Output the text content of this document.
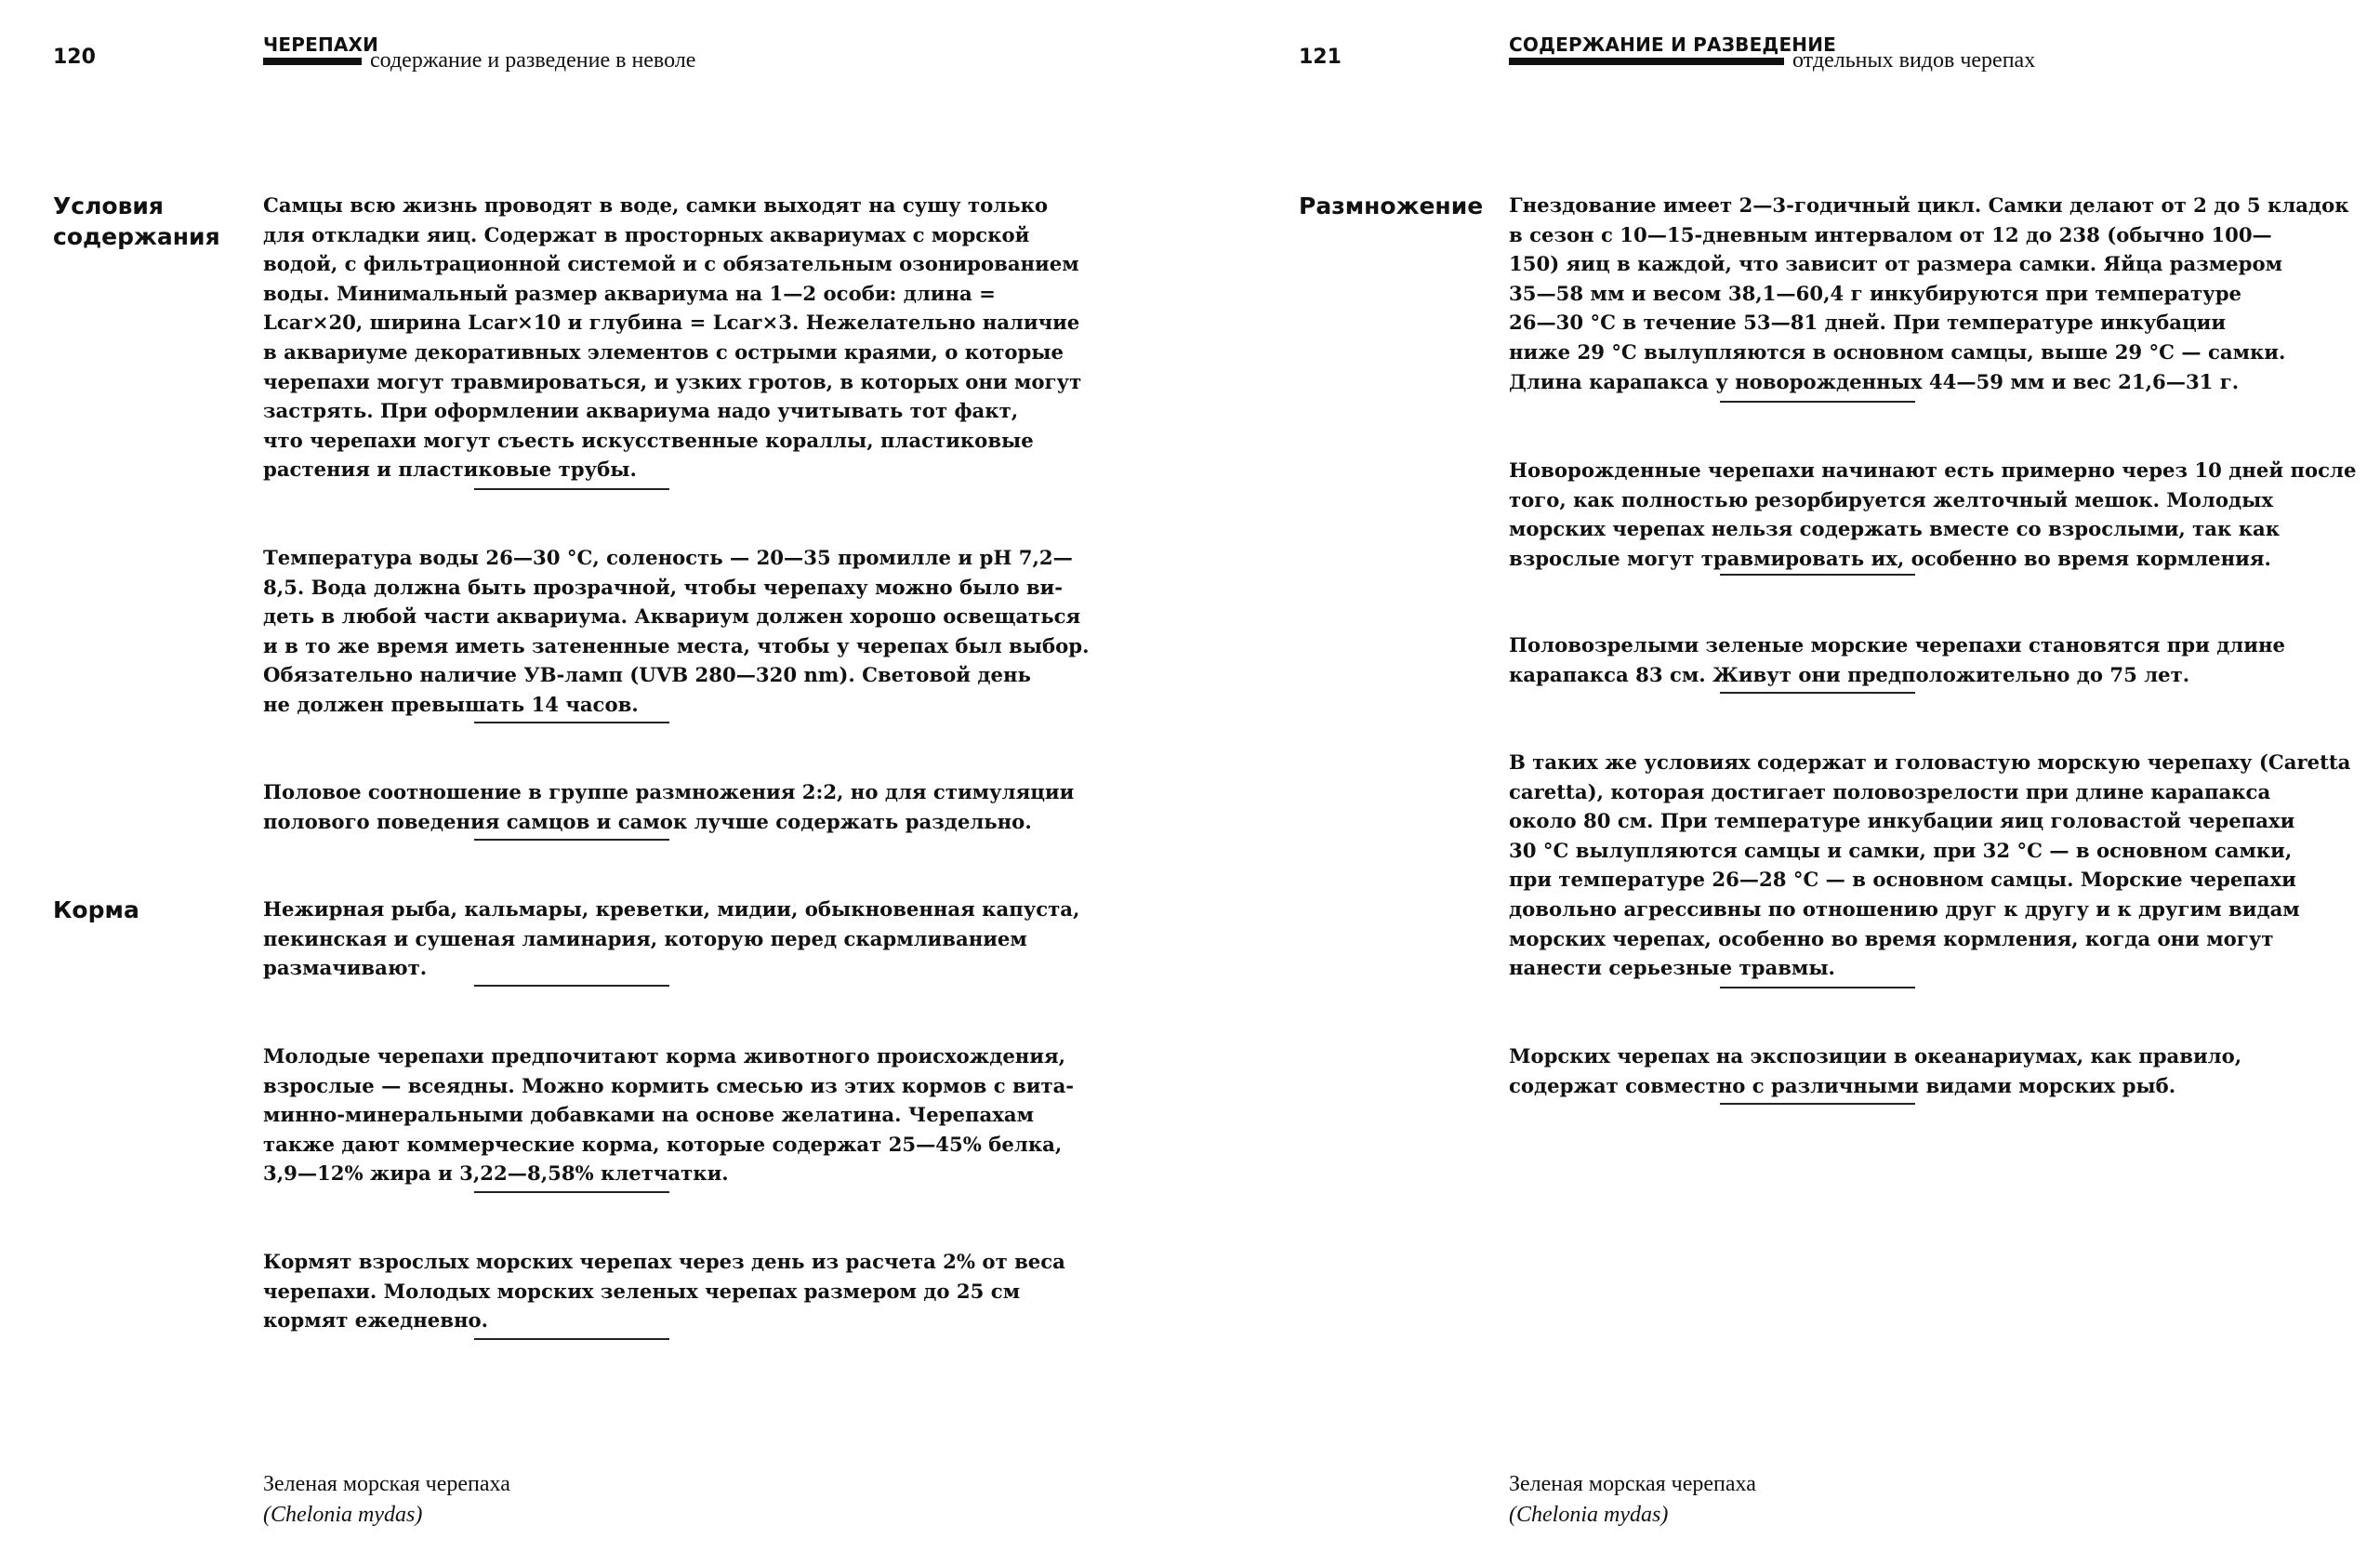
120
ЧЕРЕПАХИ
содержание и разведение в неволе
Условия
содержания
Самцы всю жизнь проводят в воде, самки выходят на сушу только
для откладки яиц. Содержат в просторных аквариумах с морской
водой, с фильтрационной системой и с обязательным озонированием
воды. Минимальный размер аквариума на 1—2 особи: длина =
Lcar×20, ширина Lcar×10 и глубина = Lcar×3. Нежелательно наличие
в аквариуме декоративных элементов с острыми краями, о которые
черепахи могут травмироваться, и узких гротов, в которых они могут
застрять. При оформлении аквариума надо учитывать тот факт,
что черепахи могут съесть искусственные кораллы, пластиковые
растения и пластиковые трубы.
Температура воды 26—30 °С, соленость — 20—35 промилле и pH 7,2—
8,5. Вода должна быть прозрачной, чтобы черепаху можно было ви-
деть в любой части аквариума. Аквариум должен хорошо освещаться
и в то же время иметь затененные места, чтобы у черепах был выбор.
Обязательно наличие УВ-ламп (UVB 280—320 nm). Световой день
не должен превышать 14 часов.
Половое соотношение в группе размножения 2:2, но для стимуляции
полового поведения самцов и самок лучше содержать раздельно.
Корма	Нежирная рыба, кальмары, креветки, мидии, обыкновенная капуста,
пекинская и сушеная ламинария, которую перед скармливанием
размачивают.
Молодые черепахи предпочитают корма животного происхождения,
взрослые — всеядны. Можно кормить смесью из этих кормов с вита-
минно-минеральными добавками на основе желатина. Черепахам
также дают коммерческие корма, которые содержат 25—45% белка,
3,9—12% жира и 3,22—8,58% клетчатки.
Кормят взрослых морских черепах через день из расчета 2% от веса
черепахи. Молодых морских зеленых черепах размером до 25 см
кормят ежедневно.
Зеленая морская черепаха
(Chelonia mydas)
121
СОДЕРЖАНИЕ И РАЗВЕДЕНИЕ
отдельных видов черепах
Размножение Гнездование имеет 2—3-годичный цикл. Самки делают от 2 до 5 кладок
в сезон с 10—15-дневным интервалом от 12 до 238 (обычно 100—
150) яиц в каждой, что зависит от размера самки. Яйца размером
35—58 мм и весом 38,1—60,4 г инкубируются при температуре
26—30 °С в течение 53—81 дней. При температуре инкубации
ниже 29 °С вылупляются в основном самцы, выше 29 °С — самки.
Длина карапакса у новорожденных 44—59 мм и вес 21,6—31 г.
Новорожденные черепахи начинают есть примерно через 10 дней после
того, как полностью резорбируется желточный мешок. Молодых
морских черепах нельзя содержать вместе со взрослыми, так как
взрослые могут травмировать их, особенно во время кормления.
Половозрелыми зеленые морские черепахи становятся при длине
карапакса 83 см. Живут они предположительно до 75 лет.
В таких же условиях содержат и головастую морскую черепаху (Caretta
caretta), которая достигает половозрелости при длине карапакса
около 80 см. При температуре инкубации яиц головастой черепахи
30 °С вылупляются самцы и самки, при 32 °С — в основном самки,
при температуре 26—28 °С — в основном самцы. Морские черепахи
довольно агрессивны по отношению друг к другу и к другим видам
морских черепах, особенно во время кормления, когда они могут
нанести серьезные травмы.
Морских черепах на экспозиции в океанариумах, как правило,
содержат совместно с различными видами морских рыб.
Зеленая морская черепаха
(Chelonia mydas)
